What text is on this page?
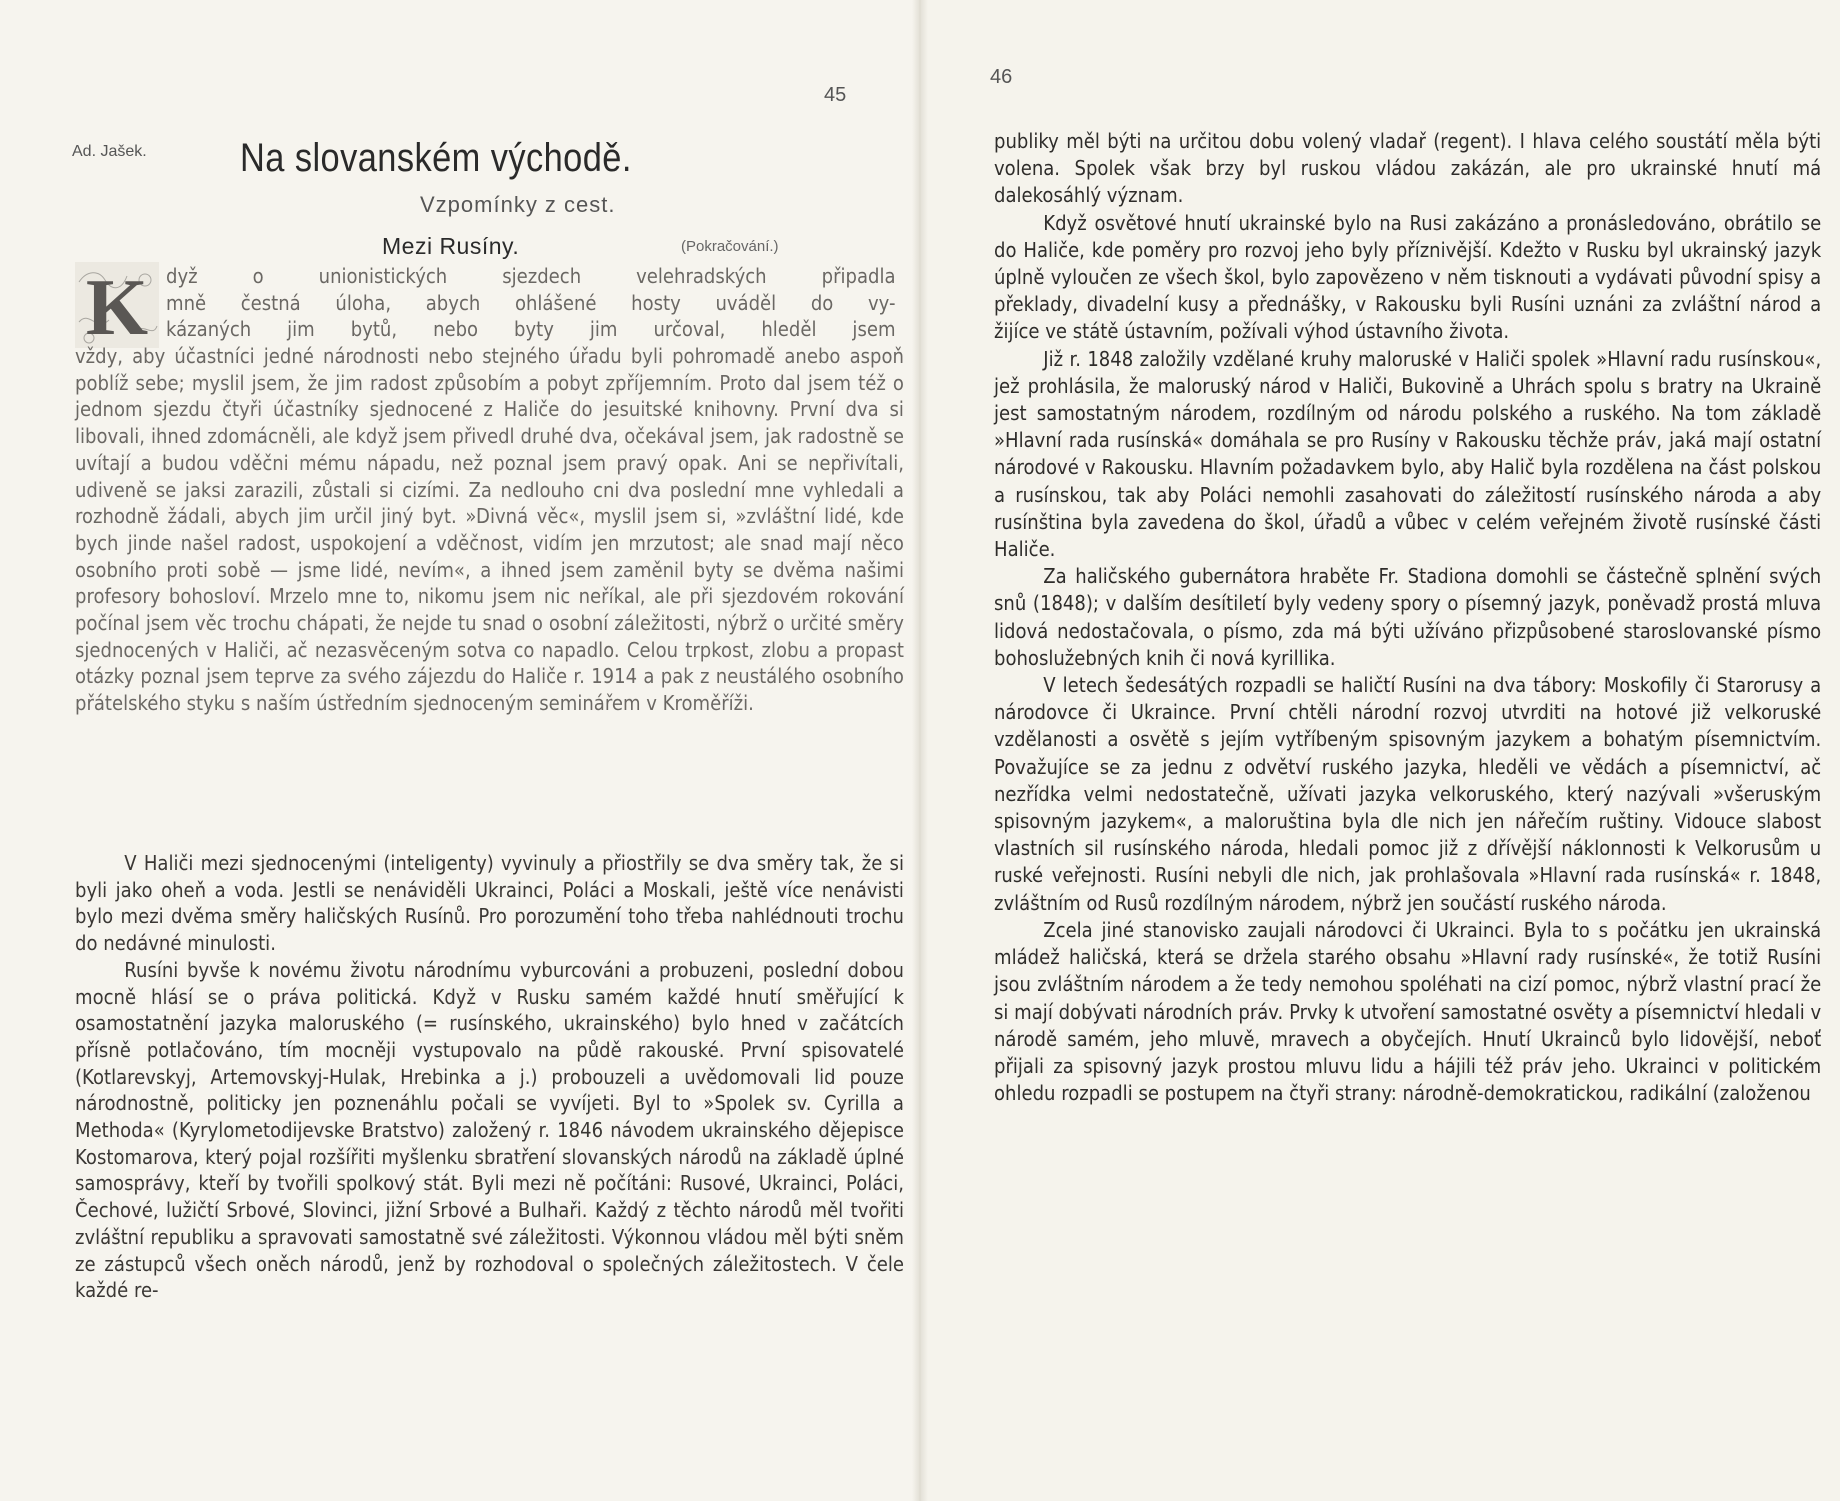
45
Ad. Jašek. Na slovanském východě.
Vzpomínky z cest.
Mezi Rusíny.	(Pokračování.)
K dyž o unionistických sjezdech velehradských připadla

mně čestná úloha, abych ohlášené hosty uváděl do vy-

kázaných jim bytů, nebo byty jim určoval, hleděl jsem

vždy, aby účastníci jedné národnosti nebo stejného úřadu byli pohromadě anebo aspoň poblíž sebe; myslil jsem, že jim radost způsobím a pobyt zpříjemním. Proto dal jsem též o jednom sjezdu čtyři účastníky sjednocené z Haliče do jesuitské knihovny. První dva si libovali, ihned zdomácněli, ale když jsem přivedl druhé dva, očekával jsem, jak radostně se uvítají a budou vděčni mému nápadu, než poznal jsem pravý opak. Ani se nepřivítali, udiveně se jaksi zarazili, zůstali si cizími. Za nedlouho cni dva poslední mne vyhledali a rozhodně žádali, abych jim určil jiný byt. »Divná věc«, myslil jsem si, »zvláštní lidé, kde bych jinde našel radost, uspokojení a vděčnost, vidím jen mrzutost; ale snad mají něco osobního proti sobě — jsme lidé, nevím«, a ihned jsem zaměnil byty se dvěma našimi profesory bohosloví. Mrzelo mne to, nikomu jsem nic neříkal, ale při sjezdovém rokování počínal jsem věc trochu chápati, že nejde tu snad o osobní záležitosti, nýbrž o určité směry sjednocených v Haliči, ač nezasvěceným sotva co napadlo. Celou trpkost, zlobu a propast otázky poznal jsem teprve za svého zájezdu do Haliče r. 1914 a pak z neustálého osobního přátelského styku s naším ústředním sjednoceným seminářem v Kroměříži.

V Haliči mezi sjednocenými (inteligenty) vyvinuly a přiostřily se dva směry tak, že si byli jako oheň a voda. Jestli se nenáviděli Ukrainci, Poláci a Moskali, ještě více nenávisti bylo mezi dvěma směry haličských Rusínů. Pro porozumění toho třeba nahlédnouti trochu do nedávné minulosti.

Rusíni byvše k novému životu národnímu vyburcováni a probuzeni, poslední dobou mocně hlásí se o práva politická. Když v Rusku samém každé hnutí směřující k osamostatnění jazyka maloruského (= rusínského, ukrainského) bylo hned v začátcích přísně potlačováno, tím mocněji vystupovalo na půdě rakouské. První spisovatelé (Kotlarevskyj, Artemovskyj-Hulak, Hrebinka a j.) probouzeli a uvědomovali lid pouze národnostně, politicky jen poznenáhlu počali se vyvíjeti. Byl to »Spolek sv. Cyrilla a Methoda« (Kyrylometodijevske Bratstvo) založený r. 1846 návodem ukrainského dějepisce Kostomarova, který pojal rozšířiti myšlenku sbratření slovanských národů na základě úplné samosprávy, kteří by tvořili spolkový stát. Byli mezi ně počítáni: Rusové, Ukrainci, Poláci, Čechové, lužičtí Srbové, Slovinci, jižní Srbové a Bulhaři. Každý z těchto národů měl tvořiti zvláštní republiku a spravovati samostatně své záležitosti. Výkonnou vládou měl býti sněm ze zástupců všech oněch národů, jenž by rozhodoval o společných záležitostech. V čele každé re-

46

publiky měl býti na určitou dobu volený vladař (regent). I hlava celého soustátí měla býti volena. Spolek však brzy byl ruskou vládou zakázán, ale pro ukrainské hnutí má dalekosáhlý význam.

Když osvětové hnutí ukrainské bylo na Rusi zakázáno a pronásledováno, obrátilo se do Haliče, kde poměry pro rozvoj jeho byly příznivější. Kdežto v Rusku byl ukrainský jazyk úplně vyloučen ze všech škol, bylo zapovězeno v něm tisknouti a vydávati původní spisy a překlady, divadelní kusy a přednášky, v Rakousku byli Rusíni uznáni za zvláštní národ a žijíce ve státě ústavním, požívali výhod ústavního života.

Již r. 1848 založily vzdělané kruhy maloruské v Haliči spolek »Hlavní radu rusínskou«, jež prohlásila, že maloruský národ v Haliči, Bukovině a Uhrách spolu s bratry na Ukraině jest samostatným národem, rozdílným od národu polského a ruského. Na tom základě »Hlavní rada rusínská« domáhala se pro Rusíny v Rakousku těchže práv, jaká mají ostatní národové v Rakousku. Hlavním požadavkem bylo, aby Halič byla rozdělena na část polskou a rusínskou, tak aby Poláci nemohli zasahovati do záležitostí rusínského národa a aby rusínština byla zavedena do škol, úřadů a vůbec v celém veřejném životě rusínské části Haliče.

Za haličského gubernátora hraběte Fr. Stadiona domohli se částečně splnění svých snů (1848); v dalším desítiletí byly vedeny spory o písemný jazyk, poněvadž prostá mluva lidová nedostačovala, o písmo, zda má býti užíváno přizpůsobené staroslovanské písmo bohoslužebných knih či nová kyrillika.

V letech šedesátých rozpadli se haličtí Rusíni na dva tábory: Moskofily či Starorusy a národovce či Ukraince. První chtěli národní rozvoj utvrditi na hotové již velkoruské vzdělanosti a osvětě s jejím vytříbeným spisovným jazykem a bohatým písemnictvím. Považujíce se za jednu z odvětví ruského jazyka, hleděli ve vědách a písemnictví, ač nezřídka velmi nedostatečně, užívati jazyka velkoruského, který nazývali »všeruským spisovným jazykem«, a maloruština byla dle nich jen nářečím ruštiny. Vidouce slabost vlastních sil rusínského národa, hledali pomoc již z dřívější náklonnosti k Velkorusům u ruské veřejnosti. Rusíni nebyli dle nich, jak prohlašovala »Hlavní rada rusínská« r. 1848, zvláštním od Rusů rozdílným národem, nýbrž jen součástí ruského národa.

Zcela jiné stanovisko zaujali národovci či Ukrainci. Byla to s počátku jen ukrainská mládež haličská, která se držela starého obsahu »Hlavní rady rusínské«, že totiž Rusíni jsou zvláštním národem a že tedy nemohou spoléhati na cizí pomoc, nýbrž vlastní prací že si mají dobývati národních práv. Prvky k utvoření samostatné osvěty a písemnictví hledali v národě samém, jeho mluvě, mravech a obyčejích. Hnutí Ukrainců bylo lidovější, neboť přijali za spisovný jazyk prostou mluvu lidu a hájili též práv jeho. Ukrainci v politickém ohledu rozpadli se postupem na čtyři strany: národně-demokratickou, radikální (založenou
